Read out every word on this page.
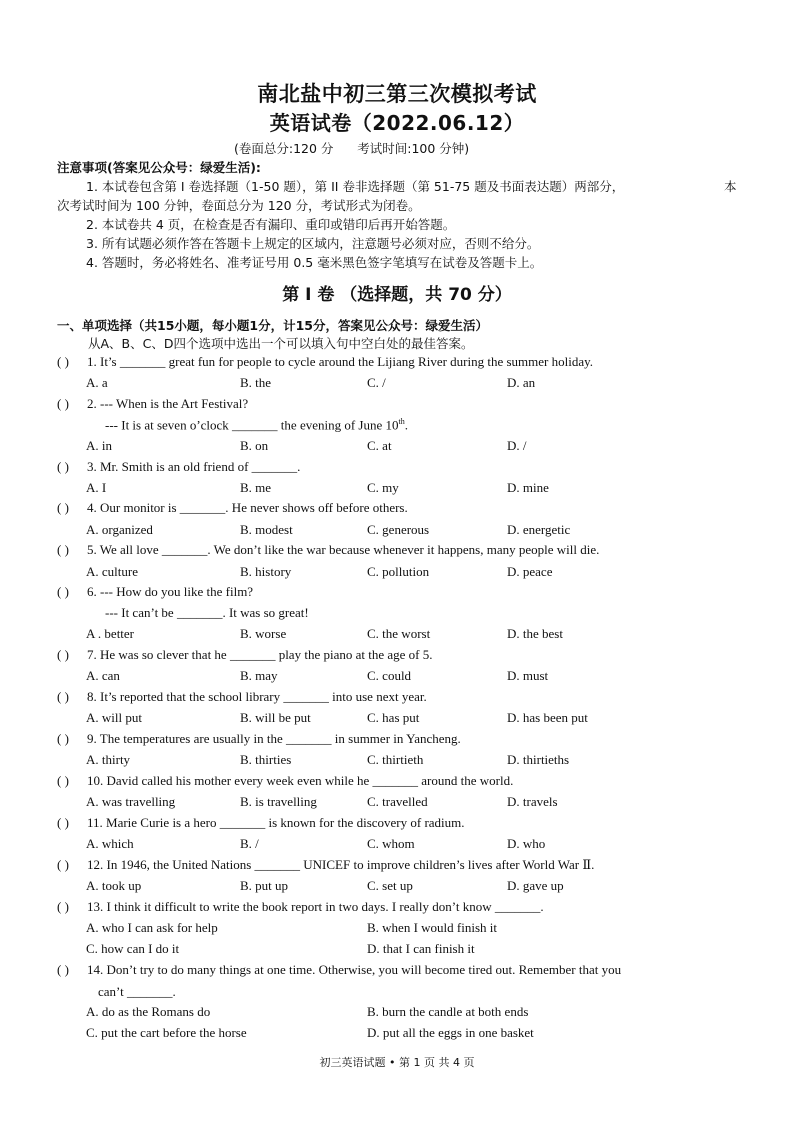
南北盐中初三第三次模拟考试
英语试卷（2022.06.12）
(卷面总分:120 分      考试时间:100 分钟)
注意事项(答案见公众号：绿爱生活):
1. 本试卷包含第 I 卷选择题（1-50 题），第 II 卷非选择题（第 51-75 题及书面表达题）两部分，	本
次考试时间为 100 分钟，卷面总分为 120 分，考试形式为闭卷。
2. 本试卷共 4 页，在检查是否有漏印、重印或错印后再开始答题。
3. 所有试题必须作答在答题卡上规定的区域内，注意题号必须对应，否则不给分。
4. 答题时，务必将姓名、准考证号用 0.5 毫米黑色签字笔填写在试卷及答题卡上。
第 I 卷 （选择题，共 70 分）
一、单项选择（共15小题，每小题1分，计15分，答案见公众号：绿爱生活）
从A、B、C、D四个选项中选出一个可以填入句中空白处的最佳答案。
( ) 1. It’s _______ great fun for people to cycle around the Lijiang River during the summer holiday.
A. a	B. the	C. /	D. an
( ) 2. --- When is the Art Festival?
--- It is at seven o’clock _______ the evening of June 10th.
A. in	B. on	C. at	D. /
( ) 3. Mr. Smith is an old friend of _______.
A. I	B. me	C. my	D. mine
( ) 4. Our monitor is _______. He never shows off before others.
A. organized	B. modest	C. generous	D. energetic
( ) 5. We all love _______. We don’t like the war because whenever it happens, many people will die.
A. culture	B. history	C. pollution	D. peace
( ) 6. --- How do you like the film?
--- It can’t be _______. It was so great!
A . better	B. worse	C. the worst	D. the best
( ) 7. He was so clever that he _______ play the piano at the age of 5.
A. can	B. may	C. could	D. must
( ) 8. It’s reported that the school library _______ into use next year.
A. will put	B. will be put	C. has put	D. has been put
( ) 9. The temperatures are usually in the _______ in summer in Yancheng.
A. thirty	B. thirties	C. thirtieth	D. thirtieths
( ) 10. David called his mother every week even while he _______ around the world.
A. was travelling	B. is travelling	C. travelled	D. travels
( ) 11. Marie Curie is a hero _______ is known for the discovery of radium.
A. which	B. /	C. whom	D. who
( ) 12. In 1946, the United Nations _______ UNICEF to improve children’s lives after World War Ⅱ.
A. took up	B. put up	C. set up	D. gave up
( ) 13. I think it difficult to write the book report in two days. I really don’t know _______.
A. who I can ask for help	B. when I would finish it
C. how can I do it	D. that I can finish it
( ) 14. Don’t try to do many things at one time. Otherwise, you will become tired out. Remember that you
can’t _______.
A. do as the Romans do	B. burn the candle at both ends
C. put the cart before the horse	D. put all the eggs in one basket
初三英语试题 • 第 1 页 共 4 页
